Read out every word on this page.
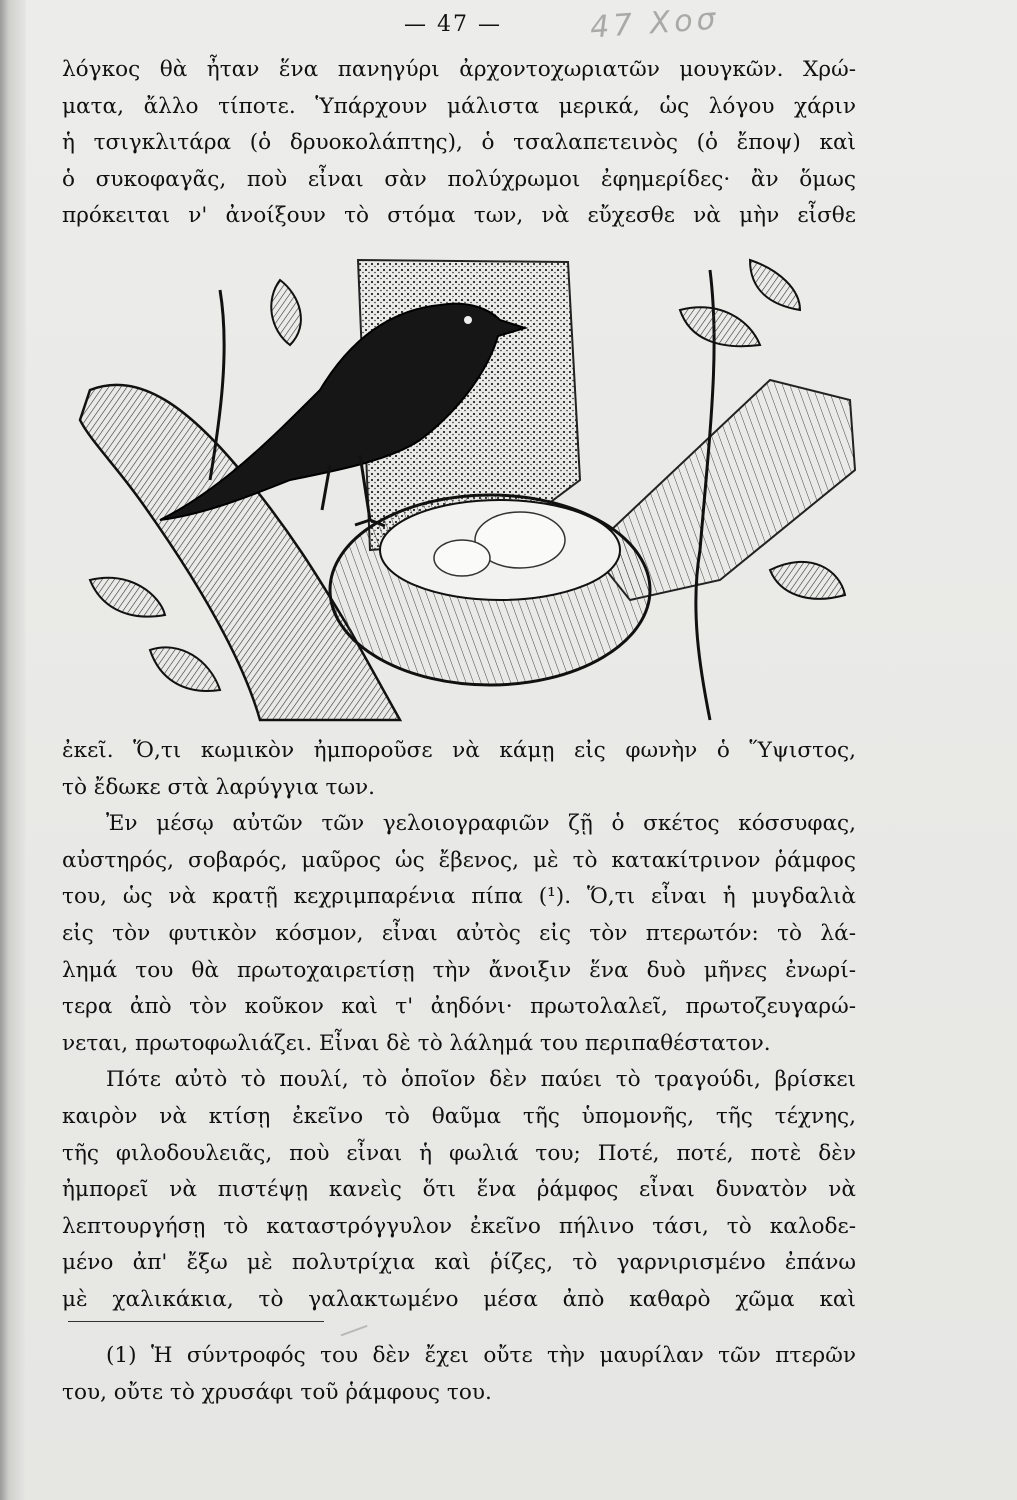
— 47 —	47 Χοσ
λόγκος θὰ ἦταν ἕνα πανηγύρι ἀρχοντοχωριατῶν μουγκῶν. Χρώ-
ματα, ἄλλο τίποτε. Ὑπάρχουν μάλιστα μερικά, ὡς λόγου χάριν
ἡ τσιγκλιτάρα (ὁ δρυοκολάπτης), ὁ τσαλαπετεινὸς (ὁ ἔποψ) καὶ
ὁ συκοφαγᾶς, ποὺ εἶναι σὰν πολύχρωμοι ἐφημερίδες· ἂν ὅμως
πρόκειται ν' ἀνοίξουν τὸ στόμα των, νὰ εὔχεσθε νὰ μὴν εἶσθε
ἐκεῖ. Ὅ,τι κωμικὸν ἠμποροῦσε νὰ κάμῃ εἰς φωνὴν ὁ Ὕψιστος,
τὸ ἔδωκε στὰ λαρύγγια των.
Ἐν μέσῳ αὐτῶν τῶν γελοιογραφιῶν ζῇ ὁ σκέτος κόσσυφας,
αὐστηρός, σοβαρός, μαῦρος ὡς ἔβενος, μὲ τὸ κατακίτρινον ῥάμφος
του, ὡς νὰ κρατῇ κεχριμπαρένια πίπα (¹). Ὅ,τι εἶναι ἡ μυγδαλιὰ
εἰς τὸν φυτικὸν κόσμον, εἶναι αὐτὸς εἰς τὸν πτερωτόν: τὸ λά-
λημά του θὰ πρωτοχαιρετίσῃ τὴν ἄνοιξιν ἕνα δυὸ μῆνες ἐνωρί-
τερα ἀπὸ τὸν κοῦκον καὶ τ' ἀηδόνι· πρωτολαλεῖ, πρωτοζευγαρώ-
νεται, πρωτοφωλιάζει. Εἶναι δὲ τὸ λάλημά του περιπαθέστατον.
Πότε αὐτὸ τὸ πουλί, τὸ ὁποῖον δὲν παύει τὸ τραγούδι, βρίσκει
καιρὸν νὰ κτίσῃ ἐκεῖνο τὸ θαῦμα τῆς ὑπομονῆς, τῆς τέχνης,
τῆς φιλοδουλειᾶς, ποὺ εἶναι ἡ φωλιά του; Ποτέ, ποτέ, ποτὲ δὲν
ἠμπορεῖ νὰ πιστέψῃ κανεὶς ὅτι ἕνα ῥάμφος εἶναι δυνατὸν νὰ
λεπτουργήσῃ τὸ καταστρόγγυλον ἐκεῖνο πήλινο τάσι, τὸ καλοδε-
μένο ἀπ' ἔξω μὲ πολυτρίχια καὶ ῥίζες, τὸ γαρνιρισμένο ἐπάνω
μὲ χαλικάκια, τὸ γαλακτωμένο μέσα ἀπὸ καθαρὸ χῶμα καὶ
(1) Ἡ σύντροφός του δὲν ἔχει οὔτε τὴν μαυρίλαν τῶν πτερῶν
του, οὔτε τὸ χρυσάφι τοῦ ῥάμφους του.
